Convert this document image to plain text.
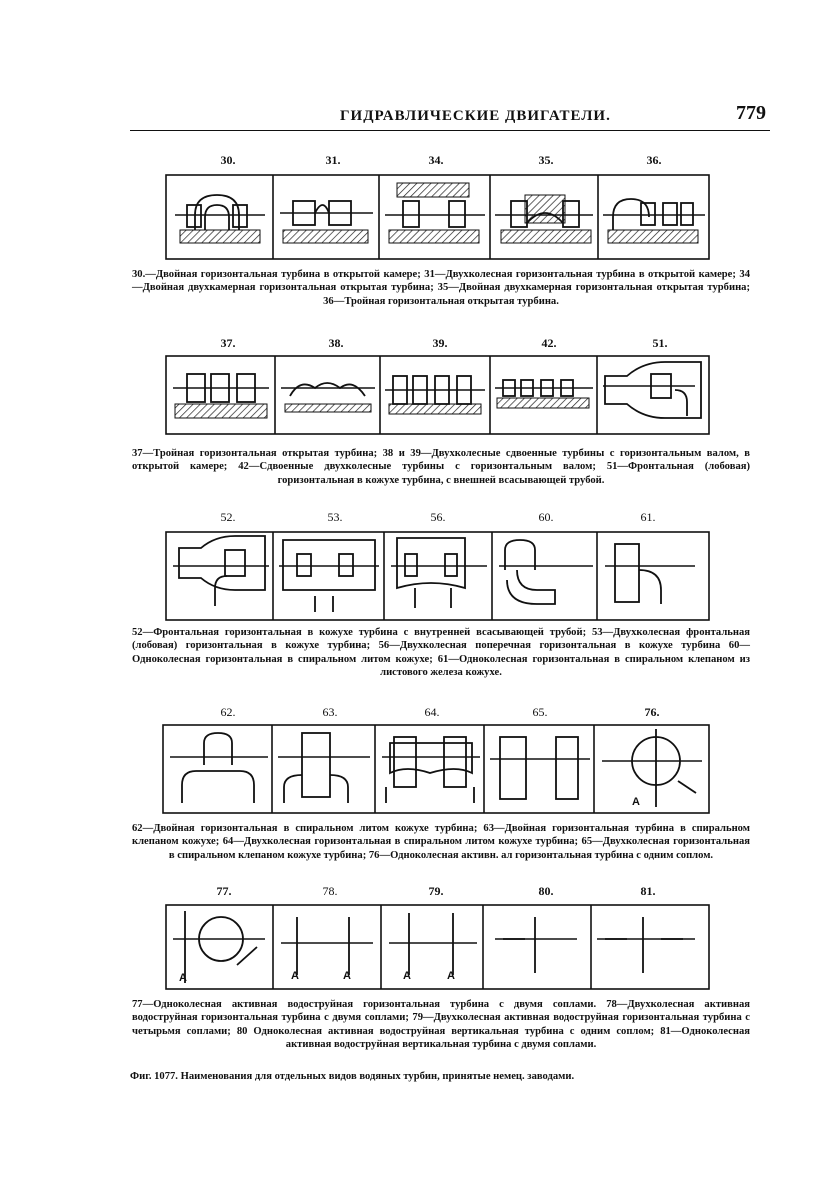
ГИДРАВЛИЧЕСКИЕ ДВИГАТЕЛИ.	779
30.	31.	34.	35.	36.
30.—Двойная горизонтальная турбина в открытой камере; 31—Двухколесная горизонтальная турбина в открытой камере; 34—Двойная двухкамерная горизонтальная открытая турбина; 35—Двойная двухкамерная горизонтальная открытая турбина; 36—Тройная горизонтальная открытая турбина.
37.	38.	39.	42.	51.
37—Тройная горизонтальная открытая турбина; 38 и 39—Двухколесные сдвоенные турбины с горизонтальным валом, в открытой камере; 42—Сдвоенные двухколесные турбины с горизонтальным валом; 51—Фронтальная (лобовая) горизонтальная в кожухе турбина, с внешней всасывающей трубой.
52.	53.	56.	60.	61.
52—Фронтальная горизонтальная в кожухе турбина с внутренней всасывающей трубой; 53—Двухколесная фронтальная (лобовая) горизонтальная в кожухе турбина; 56—Двухколесная поперечная горизонтальная в кожухе турбина 60—Одноколесная горизонтальная в спиральном литом кожухе; 61—Одноколесная горизонтальная в спиральном клепаном из листового железа кожухе.
62.	63.	64.	65.	76.
A
62—Двойная горизонтальная в спиральном литом кожухе турбина; 63—Двойная горизонтальная турбина в спиральном клепаном кожухе; 64—Двухколесная горизонтальная в спиральном литом кожухе турбина; 65—Двухколесная горизонтальная в спиральном клепаном кожухе турбина; 76—Одноколесная активн. ал горизонтальная турбина с одним соплом.
77.	78.	79.	80.	81.
A	A	A	A	A
77—Одноколесная активная водоструйная горизонтальная турбина с двумя соплами. 78—Двухколесная активная водоструйная горизонтальная турбина с двумя соплами; 79—Двухколесная активная водоструйная горизонтальная турбина с четырьмя соплами; 80 Одноколесная активная водоструйная вертикальная турбина с одним соплом; 81—Одноколесная активная водоструйная вертикальная турбина с двумя соплами.
Фиг. 1077. Наименования для отдельных видов водяных турбин, принятые немец. заводами.
